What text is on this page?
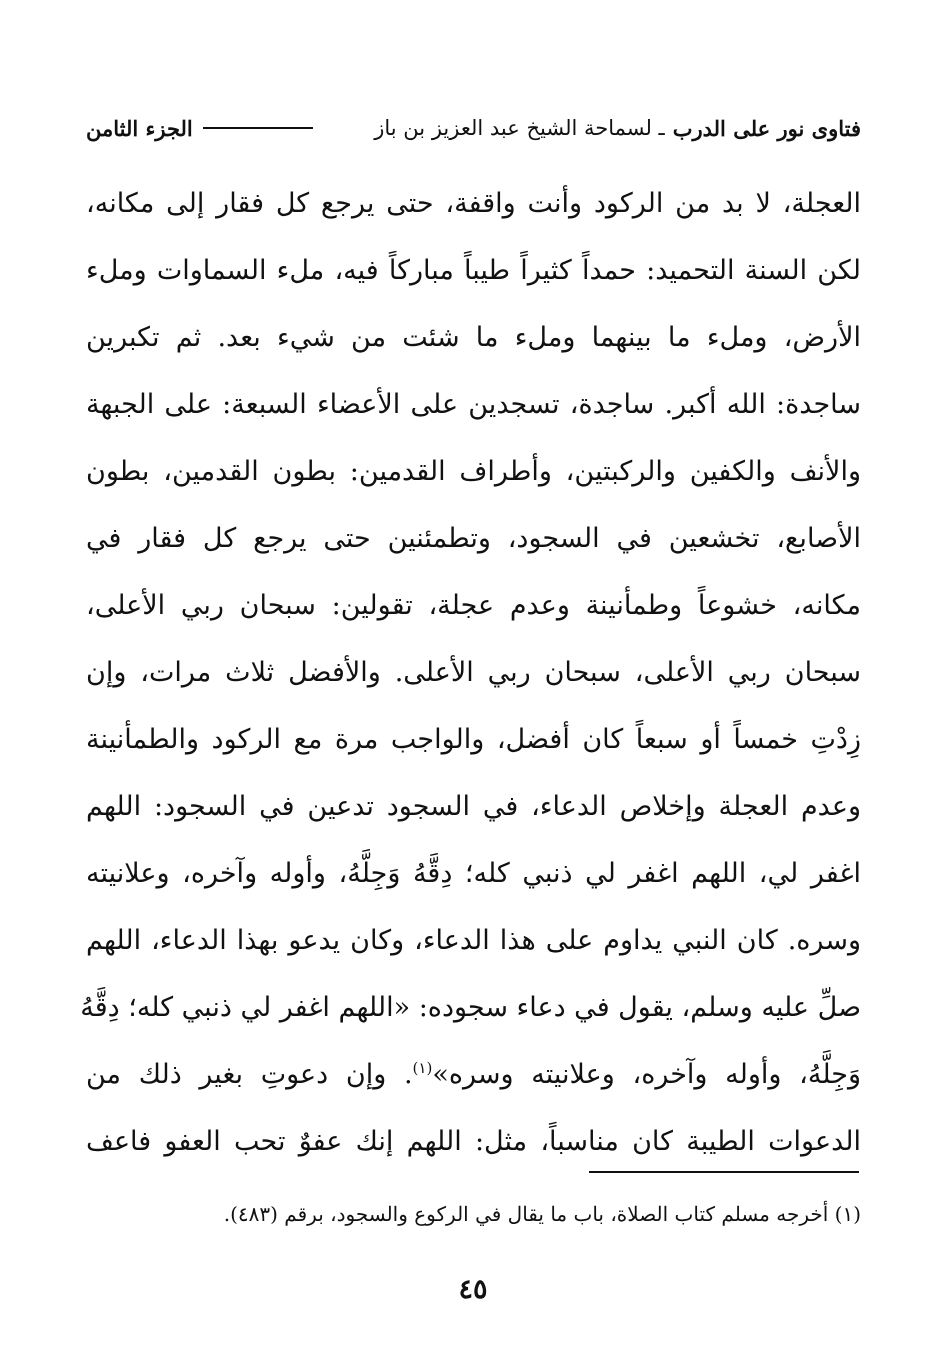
فتاوى نور على الدرب
ـ لسماحة الشيخ عبد العزيز بن باز
الجزء الثامن
العجلة، لا بد من الركود وأنت واقفة، حتى يرجع كل فقار إلى مكانه،
لكن السنة التحميد: حمداً كثيراً طيباً مباركاً فيه، ملء السماوات وملء
الأرض، وملء ما بينهما وملء ما شئت من شيء بعد. ثم تكبرين
ساجدة: الله أكبر. ساجدة، تسجدين على الأعضاء السبعة: على الجبهة
والأنف والكفين والركبتين، وأطراف القدمين: بطون القدمين، بطون
الأصابع، تخشعين في السجود، وتطمئنين حتى يرجع كل فقار في
مكانه، خشوعاً وطمأنينة وعدم عجلة، تقولين: سبحان ربي الأعلى،
سبحان ربي الأعلى، سبحان ربي الأعلى. والأفضل ثلاث مرات، وإن
زِدْتِ خمساً أو سبعاً كان أفضل، والواجب مرة مع الركود والطمأنينة
وعدم العجلة وإخلاص الدعاء، في السجود تدعين في السجود: اللهم
اغفر لي، اللهم اغفر لي ذنبي كله؛ دِقَّهُ وَجِلَّهُ، وأوله وآخره، وعلانيته
وسره. كان النبي يداوم على هذا الدعاء، وكان يدعو بهذا الدعاء، اللهم
صلِّ عليه وسلم، يقول في دعاء سجوده: «اللهم اغفر لي ذنبي كله؛ دِقَّهُ
وَجِلَّهُ، وأوله وآخره، وعلانيته وسره»$^{(١)}$. وإن دعوتِ بغير ذلك من
الدعوات الطيبة كان مناسباً، مثل: اللهم إنك عفوٌ تحب العفو فاعف
(١) أخرجه مسلم كتاب الصلاة، باب ما يقال في الركوع والسجود، برقم (٤٨٣).
٤٥
